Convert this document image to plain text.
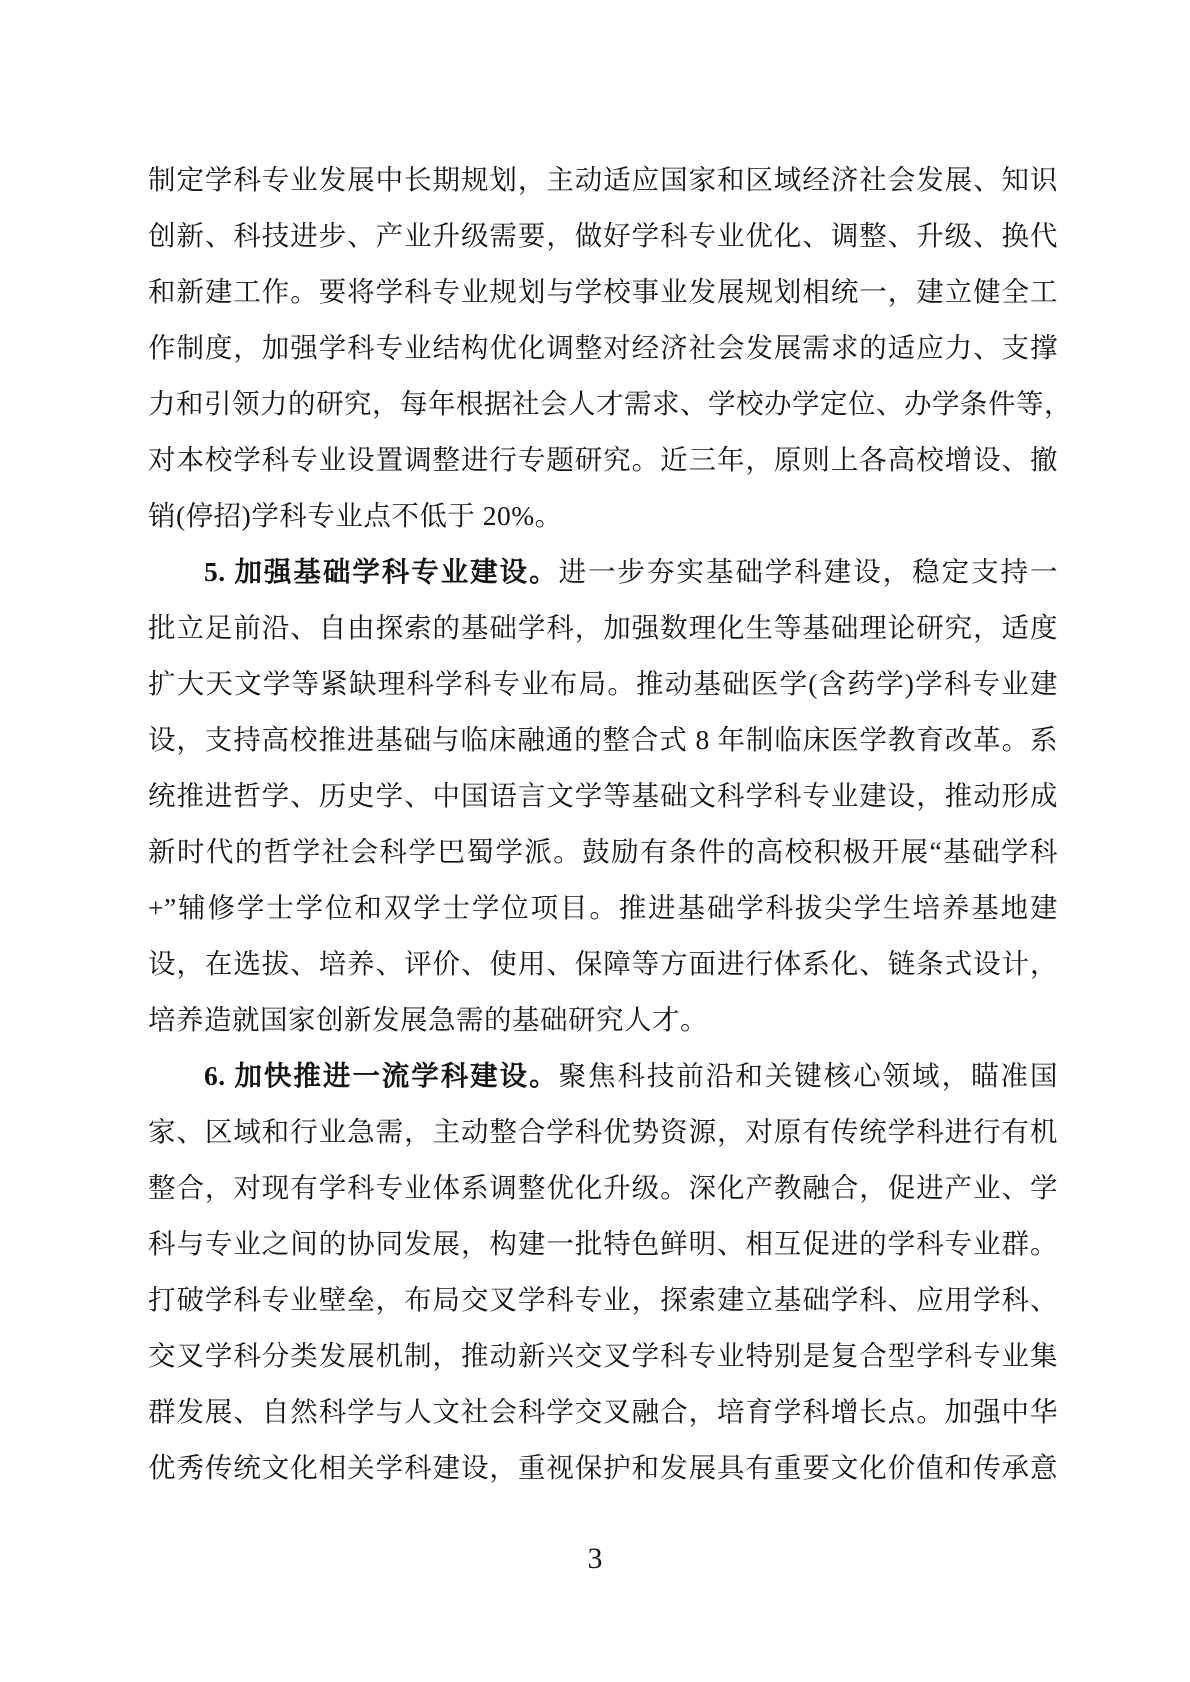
制定学科专业发展中长期规划，主动适应国家和区域经济社会发展、知识
创新、科技进步、产业升级需要，做好学科专业优化、调整、升级、换代
和新建工作。要将学科专业规划与学校事业发展规划相统一，建立健全工
作制度，加强学科专业结构优化调整对经济社会发展需求的适应力、支撑
力和引领力的研究，每年根据社会人才需求、学校办学定位、办学条件等，
对本校学科专业设置调整进行专题研究。近三年，原则上各高校增设、撤
销(停招)学科专业点不低于 20%。
5. 加强基础学科专业建设。进一步夯实基础学科建设，稳定支持一
批立足前沿、自由探索的基础学科，加强数理化生等基础理论研究，适度
扩大天文学等紧缺理科学科专业布局。推动基础医学(含药学)学科专业建
设，支持高校推进基础与临床融通的整合式 8 年制临床医学教育改革。系
统推进哲学、历史学、中国语言文学等基础文科学科专业建设，推动形成
新时代的哲学社会科学巴蜀学派。鼓励有条件的高校积极开展“基础学科
+”辅修学士学位和双学士学位项目。推进基础学科拔尖学生培养基地建
设，在选拔、培养、评价、使用、保障等方面进行体系化、链条式设计，
培养造就国家创新发展急需的基础研究人才。
6. 加快推进一流学科建设。聚焦科技前沿和关键核心领域，瞄准国
家、区域和行业急需，主动整合学科优势资源，对原有传统学科进行有机
整合，对现有学科专业体系调整优化升级。深化产教融合，促进产业、学
科与专业之间的协同发展，构建一批特色鲜明、相互促进的学科专业群。
打破学科专业壁垒，布局交叉学科专业，探索建立基础学科、应用学科、
交叉学科分类发展机制，推动新兴交叉学科专业特别是复合型学科专业集
群发展、自然科学与人文社会科学交叉融合，培育学科增长点。加强中华
优秀传统文化相关学科建设，重视保护和发展具有重要文化价值和传承意
3
